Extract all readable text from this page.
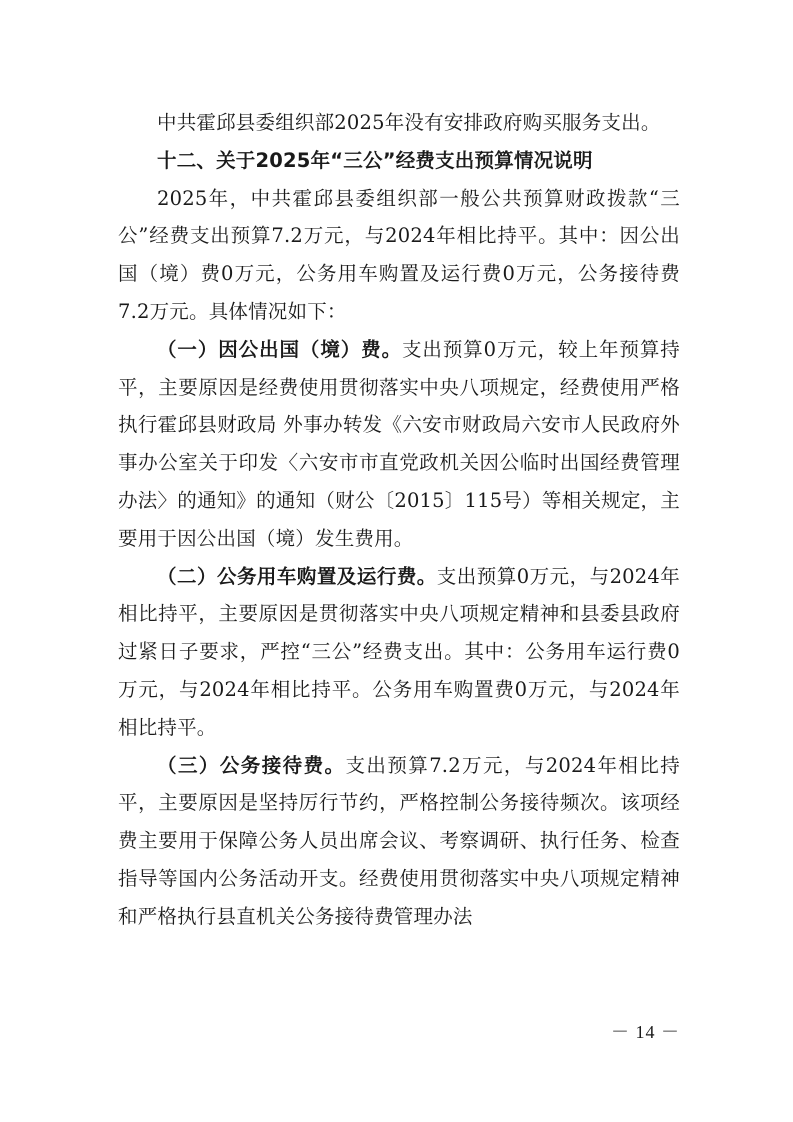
中共霍邱县委组织部2025年没有安排政府购买服务支出。

十二、关于2025年“三公”经费支出预算情况说明

2025年，中共霍邱县委组织部一般公共预算财政拨款“三公”经费支出预算7.2万元，与2024年相比持平。其中：因公出国（境）费0万元，公务用车购置及运行费0万元，公务接待费7.2万元。具体情况如下：

（一）因公出国（境）费。支出预算0万元，较上年预算持平，主要原因是经费使用贯彻落实中央八项规定，经费使用严格执行霍邱县财政局 外事办转发《六安市财政局六安市人民政府外事办公室关于印发〈六安市市直党政机关因公临时出国经费管理办法〉的通知》的通知（财公〔2015〕115号）等相关规定，主要用于因公出国（境）发生费用。

（二）公务用车购置及运行费。支出预算0万元，与2024年相比持平，主要原因是贯彻落实中央八项规定精神和县委县政府过紧日子要求，严控“三公”经费支出。其中：公务用车运行费0万元，与2024年相比持平。公务用车购置费0万元，与2024年相比持平。

（三）公务接待费。支出预算7.2万元，与2024年相比持平，主要原因是坚持厉行节约，严格控制公务接待频次。该项经费主要用于保障公务人员出席会议、考察调研、执行任务、检查指导等国内公务活动开支。经费使用贯彻落实中央八项规定精神和严格执行县直机关公务接待费管理办法

－ 14 －
